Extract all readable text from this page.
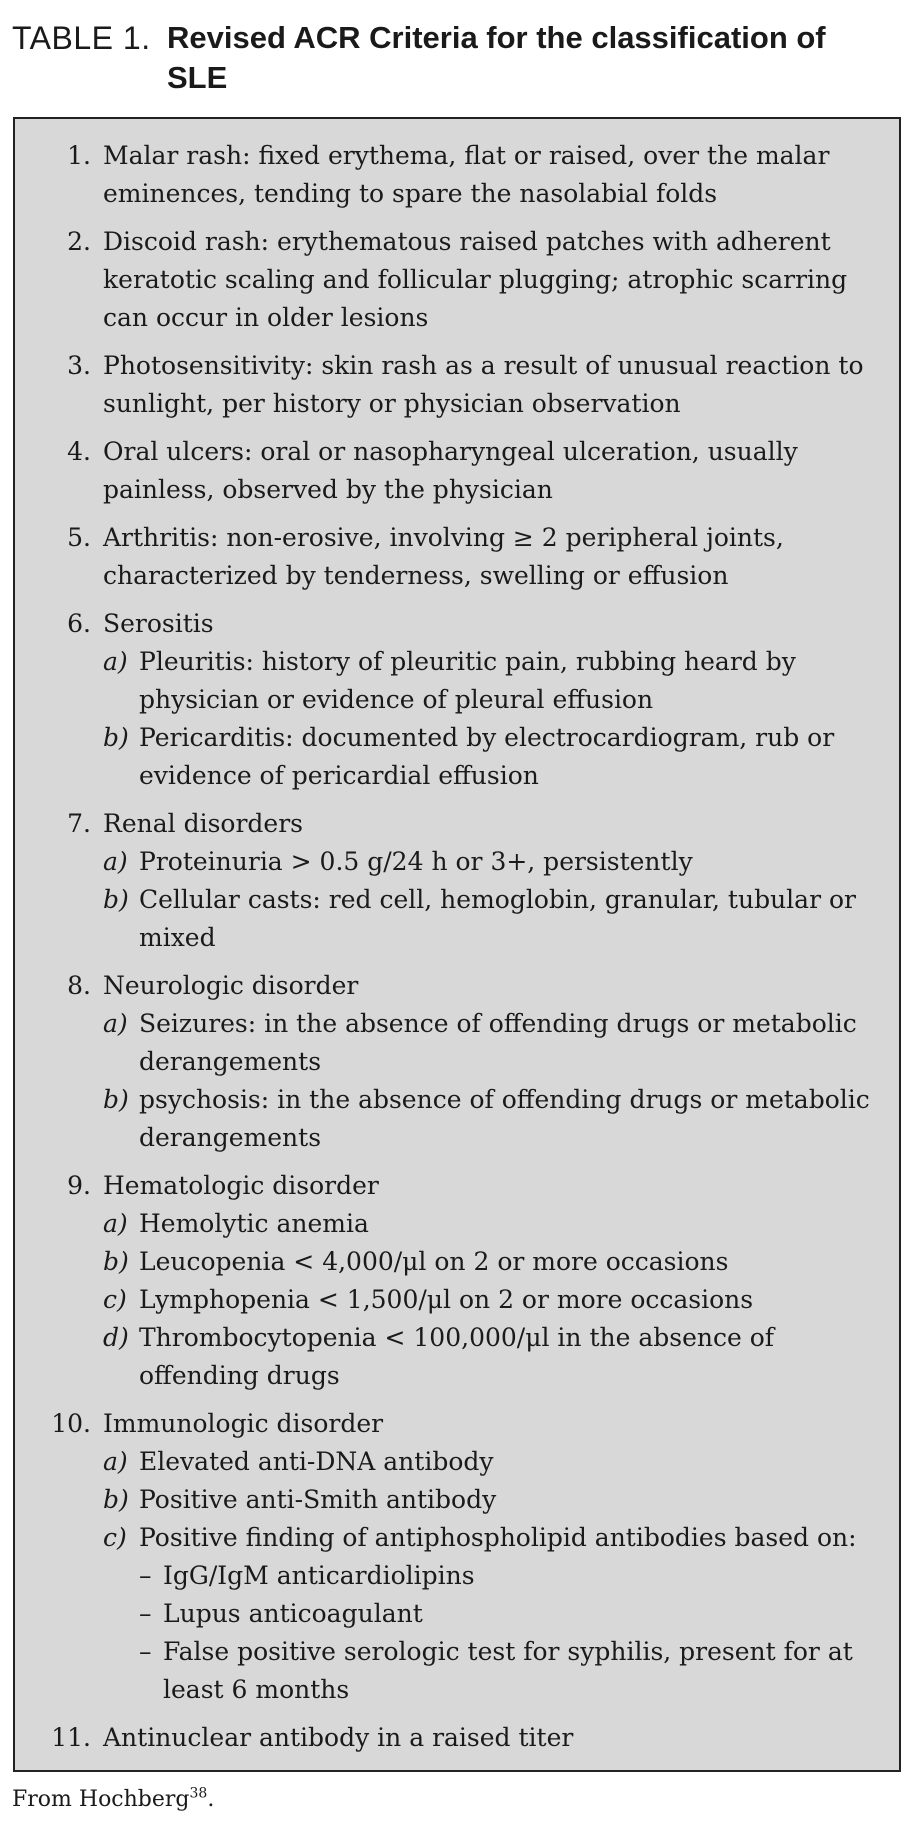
TABLE 1. Revised ACR Criteria for the classification of SLE
1. Malar rash: fixed erythema, flat or raised, over the malar eminences, tending to spare the nasolabial folds
2. Discoid rash: erythematous raised patches with adherent keratotic scaling and follicular plugging; atrophic scarring can occur in older lesions
3. Photosensitivity: skin rash as a result of unusual reaction to sunlight, per history or physician observation
4. Oral ulcers: oral or nasopharyngeal ulceration, usually painless, observed by the physician
5. Arthritis: non-erosive, involving ≥ 2 peripheral joints, characterized by tenderness, swelling or effusion
6. Serositis
a) Pleuritis: history of pleuritic pain, rubbing heard by physician or evidence of pleural effusion
b) Pericarditis: documented by electrocardiogram, rub or evidence of pericardial effusion
7. Renal disorders
a) Proteinuria > 0.5 g/24 h or 3+, persistently
b) Cellular casts: red cell, hemoglobin, granular, tubular or mixed
8. Neurologic disorder
a) Seizures: in the absence of offending drugs or metabolic derangements
b) psychosis: in the absence of offending drugs or metabolic derangements
9. Hematologic disorder
a) Hemolytic anemia
b) Leucopenia < 4,000/μl on 2 or more occasions
c) Lymphopenia < 1,500/μl on 2 or more occasions
d) Thrombocytopenia < 100,000/μl in the absence of offending drugs
10. Immunologic disorder
a) Elevated anti-DNA antibody
b) Positive anti-Smith antibody
c) Positive finding of antiphospholipid antibodies based on:
– IgG/IgM anticardiolipins
– Lupus anticoagulant
– False positive serologic test for syphilis, present for at least 6 months
11. Antinuclear antibody in a raised titer
From Hochberg$^{38}$.
